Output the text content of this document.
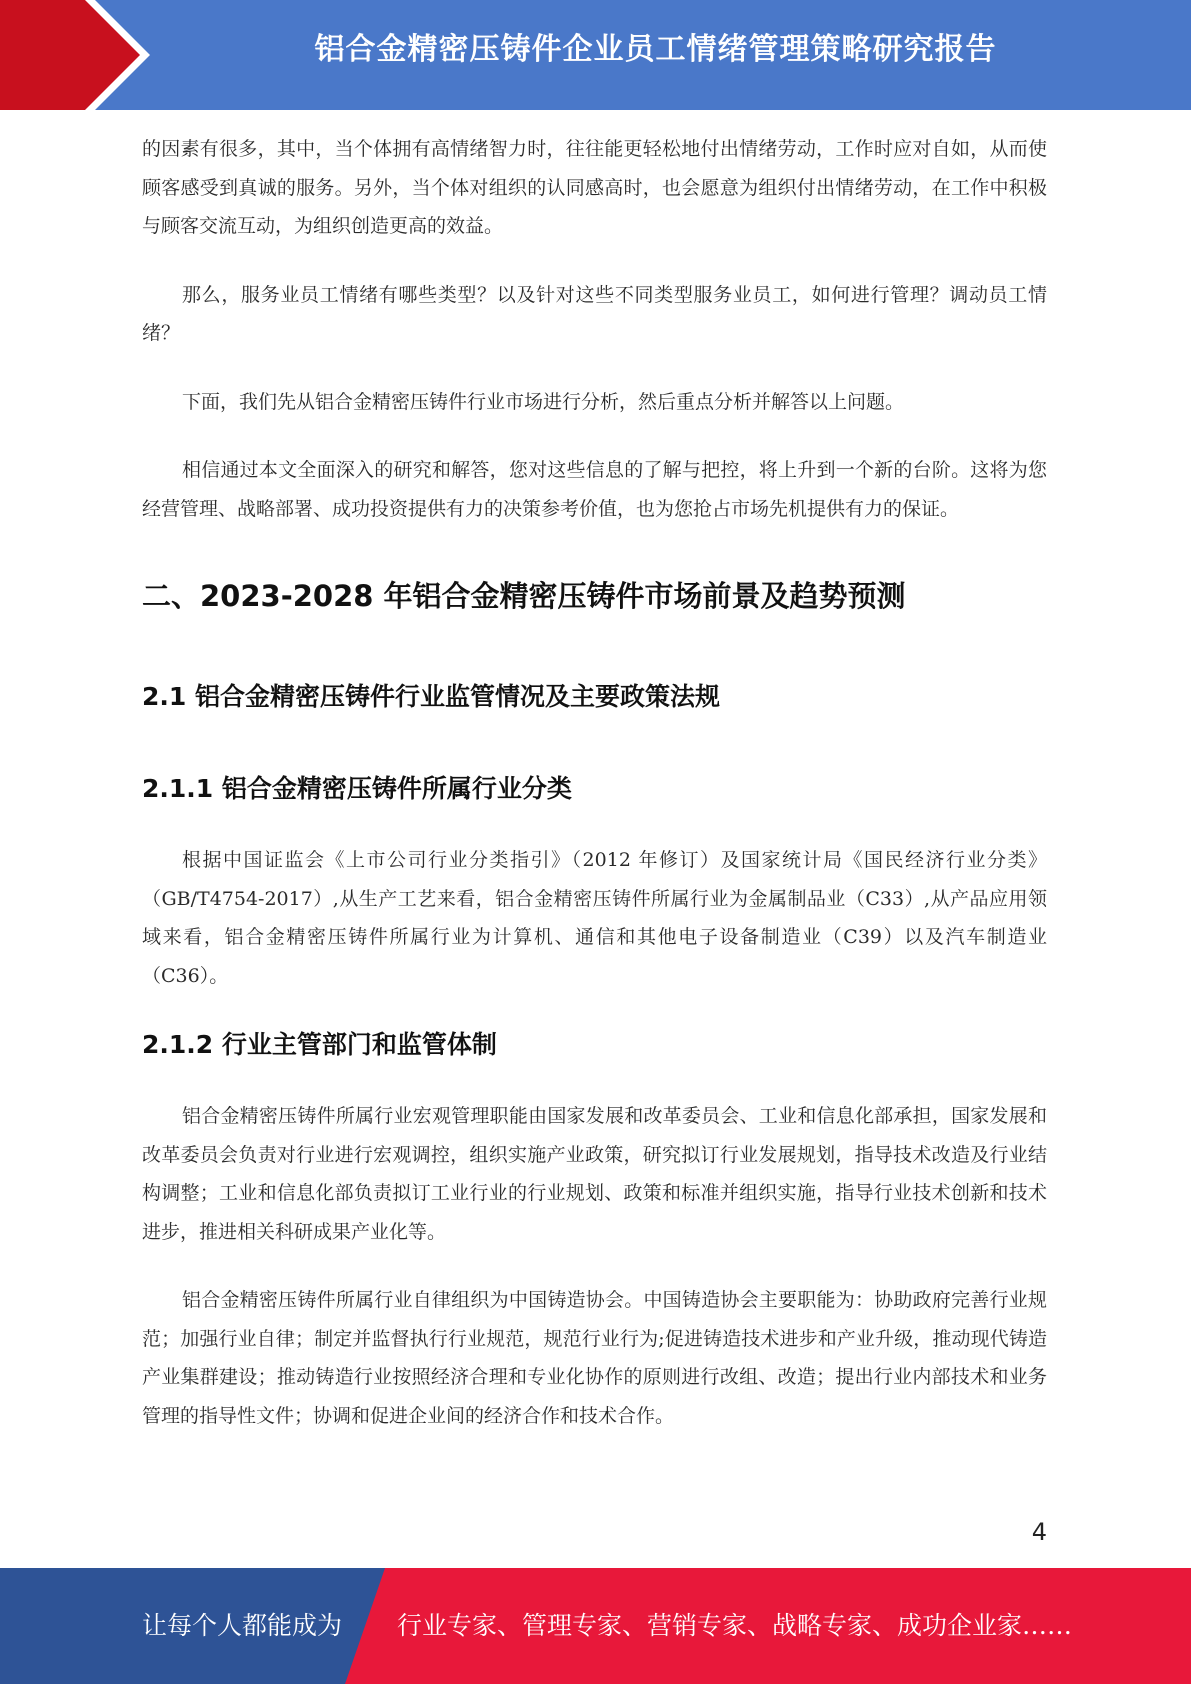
铝合金精密压铸件企业员工情绪管理策略研究报告

的因素有很多，其中，当个体拥有高情绪智力时，往往能更轻松地付出情绪劳动，工作时应对自如，从而使顾客感受到真诚的服务。另外，当个体对组织的认同感高时，也会愿意为组织付出情绪劳动，在工作中积极与顾客交流互动，为组织创造更高的效益。

那么，服务业员工情绪有哪些类型？以及针对这些不同类型服务业员工，如何进行管理？调动员工情绪？

下面，我们先从铝合金精密压铸件行业市场进行分析，然后重点分析并解答以上问题。

相信通过本文全面深入的研究和解答，您对这些信息的了解与把控，将上升到一个新的台阶。这将为您经营管理、战略部署、成功投资提供有力的决策参考价值，也为您抢占市场先机提供有力的保证。

二、2023-2028 年铝合金精密压铸件市场前景及趋势预测
2.1 铝合金精密压铸件行业监管情况及主要政策法规
2.1.1 铝合金精密压铸件所属行业分类

根据中国证监会《上市公司行业分类指引》（2012 年修订）及国家统计局《国民经济行业分类》（GB/T4754-2017）,从生产工艺来看，铝合金精密压铸件所属行业为金属制品业（C33）,从产品应用领域来看，铝合金精密压铸件所属行业为计算机、通信和其他电子设备制造业（C39）以及汽车制造业（C36）。

2.1.2 行业主管部门和监管体制

铝合金精密压铸件所属行业宏观管理职能由国家发展和改革委员会、工业和信息化部承担，国家发展和改革委员会负责对行业进行宏观调控，组织实施产业政策，研究拟订行业发展规划，指导技术改造及行业结构调整；工业和信息化部负责拟订工业行业的行业规划、政策和标准并组织实施，指导行业技术创新和技术进步，推进相关科研成果产业化等。

铝合金精密压铸件所属行业自律组织为中国铸造协会。中国铸造协会主要职能为：协助政府完善行业规范；加强行业自律；制定并监督执行行业规范，规范行业行为;促进铸造技术进步和产业升级，推动现代铸造产业集群建设；推动铸造行业按照经济合理和专业化协作的原则进行改组、改造；提出行业内部技术和业务管理的指导性文件；协调和促进企业间的经济合作和技术合作。

4
让每个人都能成为 行业专家、管理专家、营销专家、战略专家、成功企业家……
